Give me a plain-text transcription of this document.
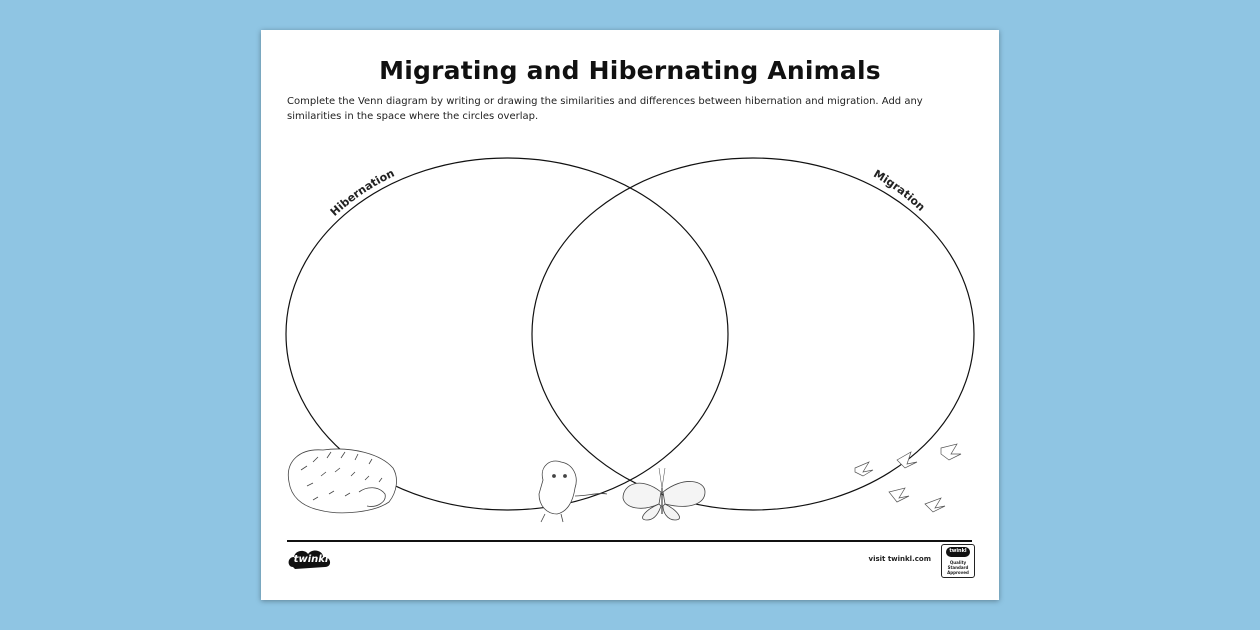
Migrating and Hibernating Animals

Complete the Venn diagram by writing or drawing the similarities and differences between hibernation and migration. Add any similarities in the space where the circles overlap.

Hibernation	Migration
twinkl	visit twinkl.com
twinkl
Quality Standard Approved
